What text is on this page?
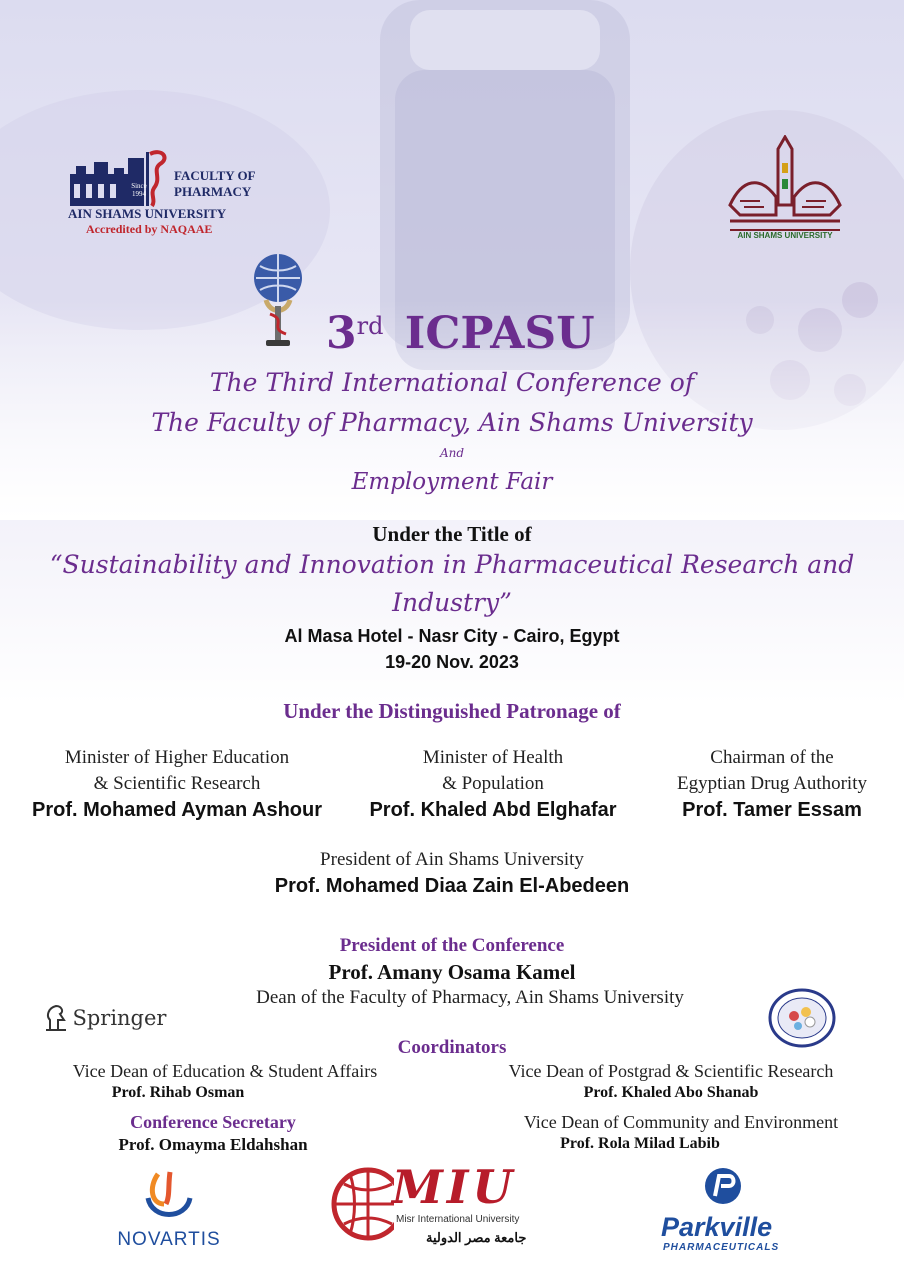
Since 1994
FACULTY OF
PHARMACY
AIN SHAMS UNIVERSITY
Accredited by NAQAAE	AIN SHAMS UNIVERSITY
3rd ICPASU
The Third International Conference of
The Faculty of Pharmacy, Ain Shams University
And
Employment Fair
Under the Title of
“Sustainability and Innovation in Pharmaceutical Research and
Industry”
Al Masa Hotel - Nasr City - Cairo, Egypt
19-20 Nov. 2023
Under the Distinguished Patronage of
Minister of Higher Education
& Scientific Research
Prof. Mohamed Ayman Ashour
Minister of Health
& Population
Prof. Khaled Abd Elghafar
Chairman of the
Egyptian Drug Authority
Prof. Tamer Essam
President of Ain Shams University
Prof. Mohamed Diaa Zain El-Abedeen
President of the Conference
Prof. Amany Osama Kamel
Dean of the Faculty of Pharmacy, Ain Shams University
Springer
Coordinators
Vice Dean of Education & Student Affairs
Prof. Rihab Osman
Vice Dean of Postgrad & Scientific Research
Prof. Khaled Abo Shanab
Conference Secretary
Prof. Omayma Eldahshan
Vice Dean of Community and Environment
Prof. Rola Milad Labib
NOVARTIS
MIU
Misr International University
جامعة مصر الدولية	Parkville
PHARMACEUTICALS
